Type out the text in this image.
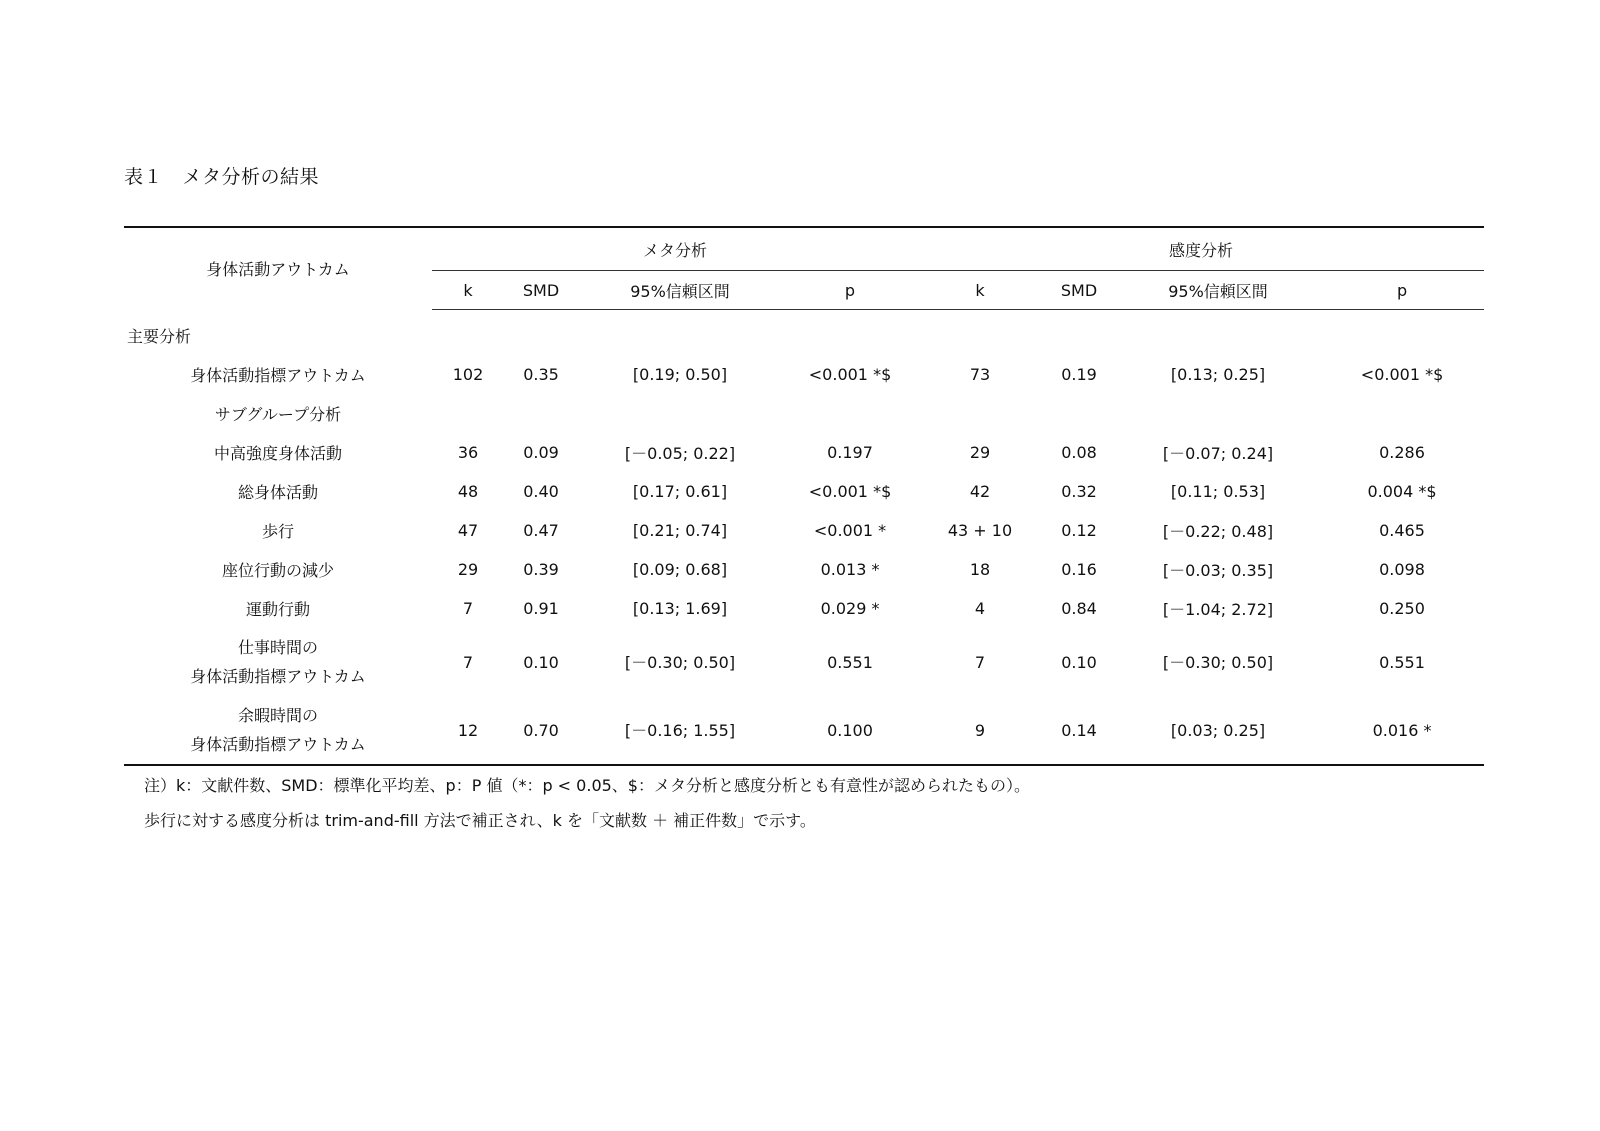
表１　メタ分析の結果
身体活動アウトカム	メタ分析				感度分析			
	k	SMD	95%信頼区間	p	k	SMD	95%信頼区間	p
主要分析								

身体活動指標アウトカム	102	0.35	[0.19; 0.50]	<0.001 *$	73	0.19	[0.13; 0.25]	<0.001 *$

サブグループ分析								

中高強度身体活動	36	0.09	[－0.05; 0.22]	0.197	29	0.08	[－0.07; 0.24]	0.286

総身体活動	48	0.40	[0.17; 0.61]	<0.001 *$	42	0.32	[0.11; 0.53]	0.004 *$

歩行	47	0.47	[0.21; 0.74]	<0.001 *	43 + 10	0.12	[－0.22; 0.48]	0.465

座位行動の減少	29	0.39	[0.09; 0.68]	0.013 *	18	0.16	[－0.03; 0.35]	0.098

運動行動	7	0.91	[0.13; 1.69]	0.029 *	4	0.84	[－1.04; 2.72]	0.250

仕事時間の
身体活動指標アウトカム	7	0.10	[－0.30; 0.50]	0.551	7	0.10	[－0.30; 0.50]	0.551

余暇時間の
身体活動指標アウトカム	12	0.70	[－0.16; 1.55]	0.100	9	0.14	[0.03; 0.25]	0.016 *
注）k：文献件数、SMD：標準化平均差、p：P 値（*：p < 0.05、$：メタ分析と感度分析とも有意性が認められたもの）。
歩行に対する感度分析は trim-and-fill 方法で補正され、k を「文献数 ＋ 補正件数」で示す。
